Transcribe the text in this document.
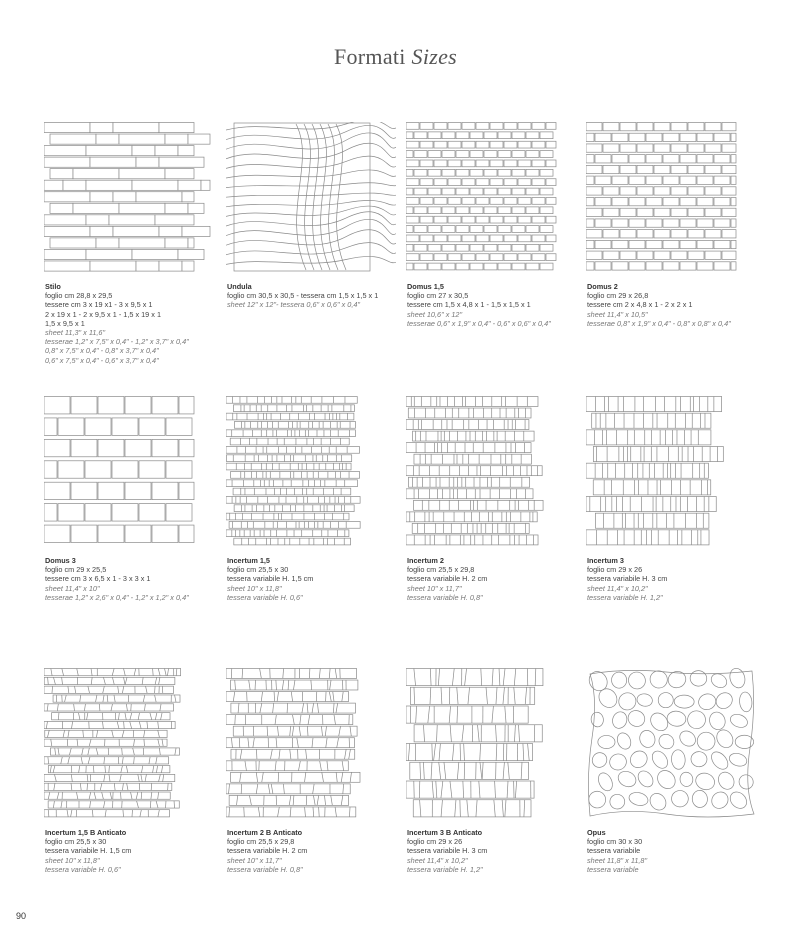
Formati Sizes
Stilo
foglio cm 28,8 x 29,5
tessere cm 3 x 19 x1 - 3 x 9,5 x 1
2 x 19 x 1 - 2 x 9,5 x 1 - 1,5 x 19 x 1
1,5 x 9,5 x 1
sheet 11,3" x 11,6"
tesserae 1,2" x 7,5" x 0,4" - 1,2" x 3,7" x 0,4"
0,8" x 7,5" x 0,4" - 0,8" x 3,7" x 0,4"
0,6" x 7,5" x 0,4" - 0,6" x 3,7" x 0,4"
Undula
foglio cm 30,5 x 30,5 - tessera cm 1,5 x 1,5 x 1
sheet 12" x 12"- tessera 0,6" x 0,6" x 0,4"
Domus 1,5
foglio cm 27 x 30,5
tessere cm 1,5 x 4,8 x 1 - 1,5 x 1,5 x 1
sheet 10,6" x 12"
tesserae 0,6" x 1,9" x 0,4" - 0,6" x 0,6" x 0,4"
Domus 2
foglio cm 29 x 26,8
tessere cm 2 x 4,8 x 1 - 2 x 2 x 1
sheet 11,4" x 10,5"
tesserae 0,8" x 1,9" x 0,4" - 0,8" x 0,8" x 0,4"
Domus 3
foglio cm 29 x 25,5
tessere cm 3 x 6,5 x 1 - 3 x 3 x 1
sheet 11,4" x 10"
tesserae 1,2" x 2,6" x 0,4" - 1,2" x 1,2" x 0,4"
Incertum 1,5
foglio cm 25,5 x 30
tessera variabile H. 1,5 cm
sheet 10" x 11,8"
tessera variable H. 0,6"
Incertum 2
foglio cm 25,5 x 29,8
tessera variabile H. 2 cm
sheet 10" x 11,7"
tessera variable H. 0,8"
Incertum 3
foglio cm 29 x 26
tessera variabile H. 3 cm
sheet 11,4" x 10,2"
tessera variable H. 1,2"
Incertum 1,5 B Anticato
foglio cm 25,5 x 30
tessera variabile H. 1,5 cm
sheet 10" x 11,8"
tessera variable H. 0,6"
Incertum 2 B Anticato
foglio cm 25,5 x 29,8
tessera variabile H. 2 cm
sheet 10" x 11,7"
tessera variable H. 0,8"
Incertum 3 B Anticato
foglio cm 29 x 26
tessera variabile H. 3 cm
sheet 11,4" x 10,2"
tessera variable H. 1,2"
Opus
foglio cm 30 x 30
tessera variabile
sheet 11,8" x 11,8"
tessera variable
90
